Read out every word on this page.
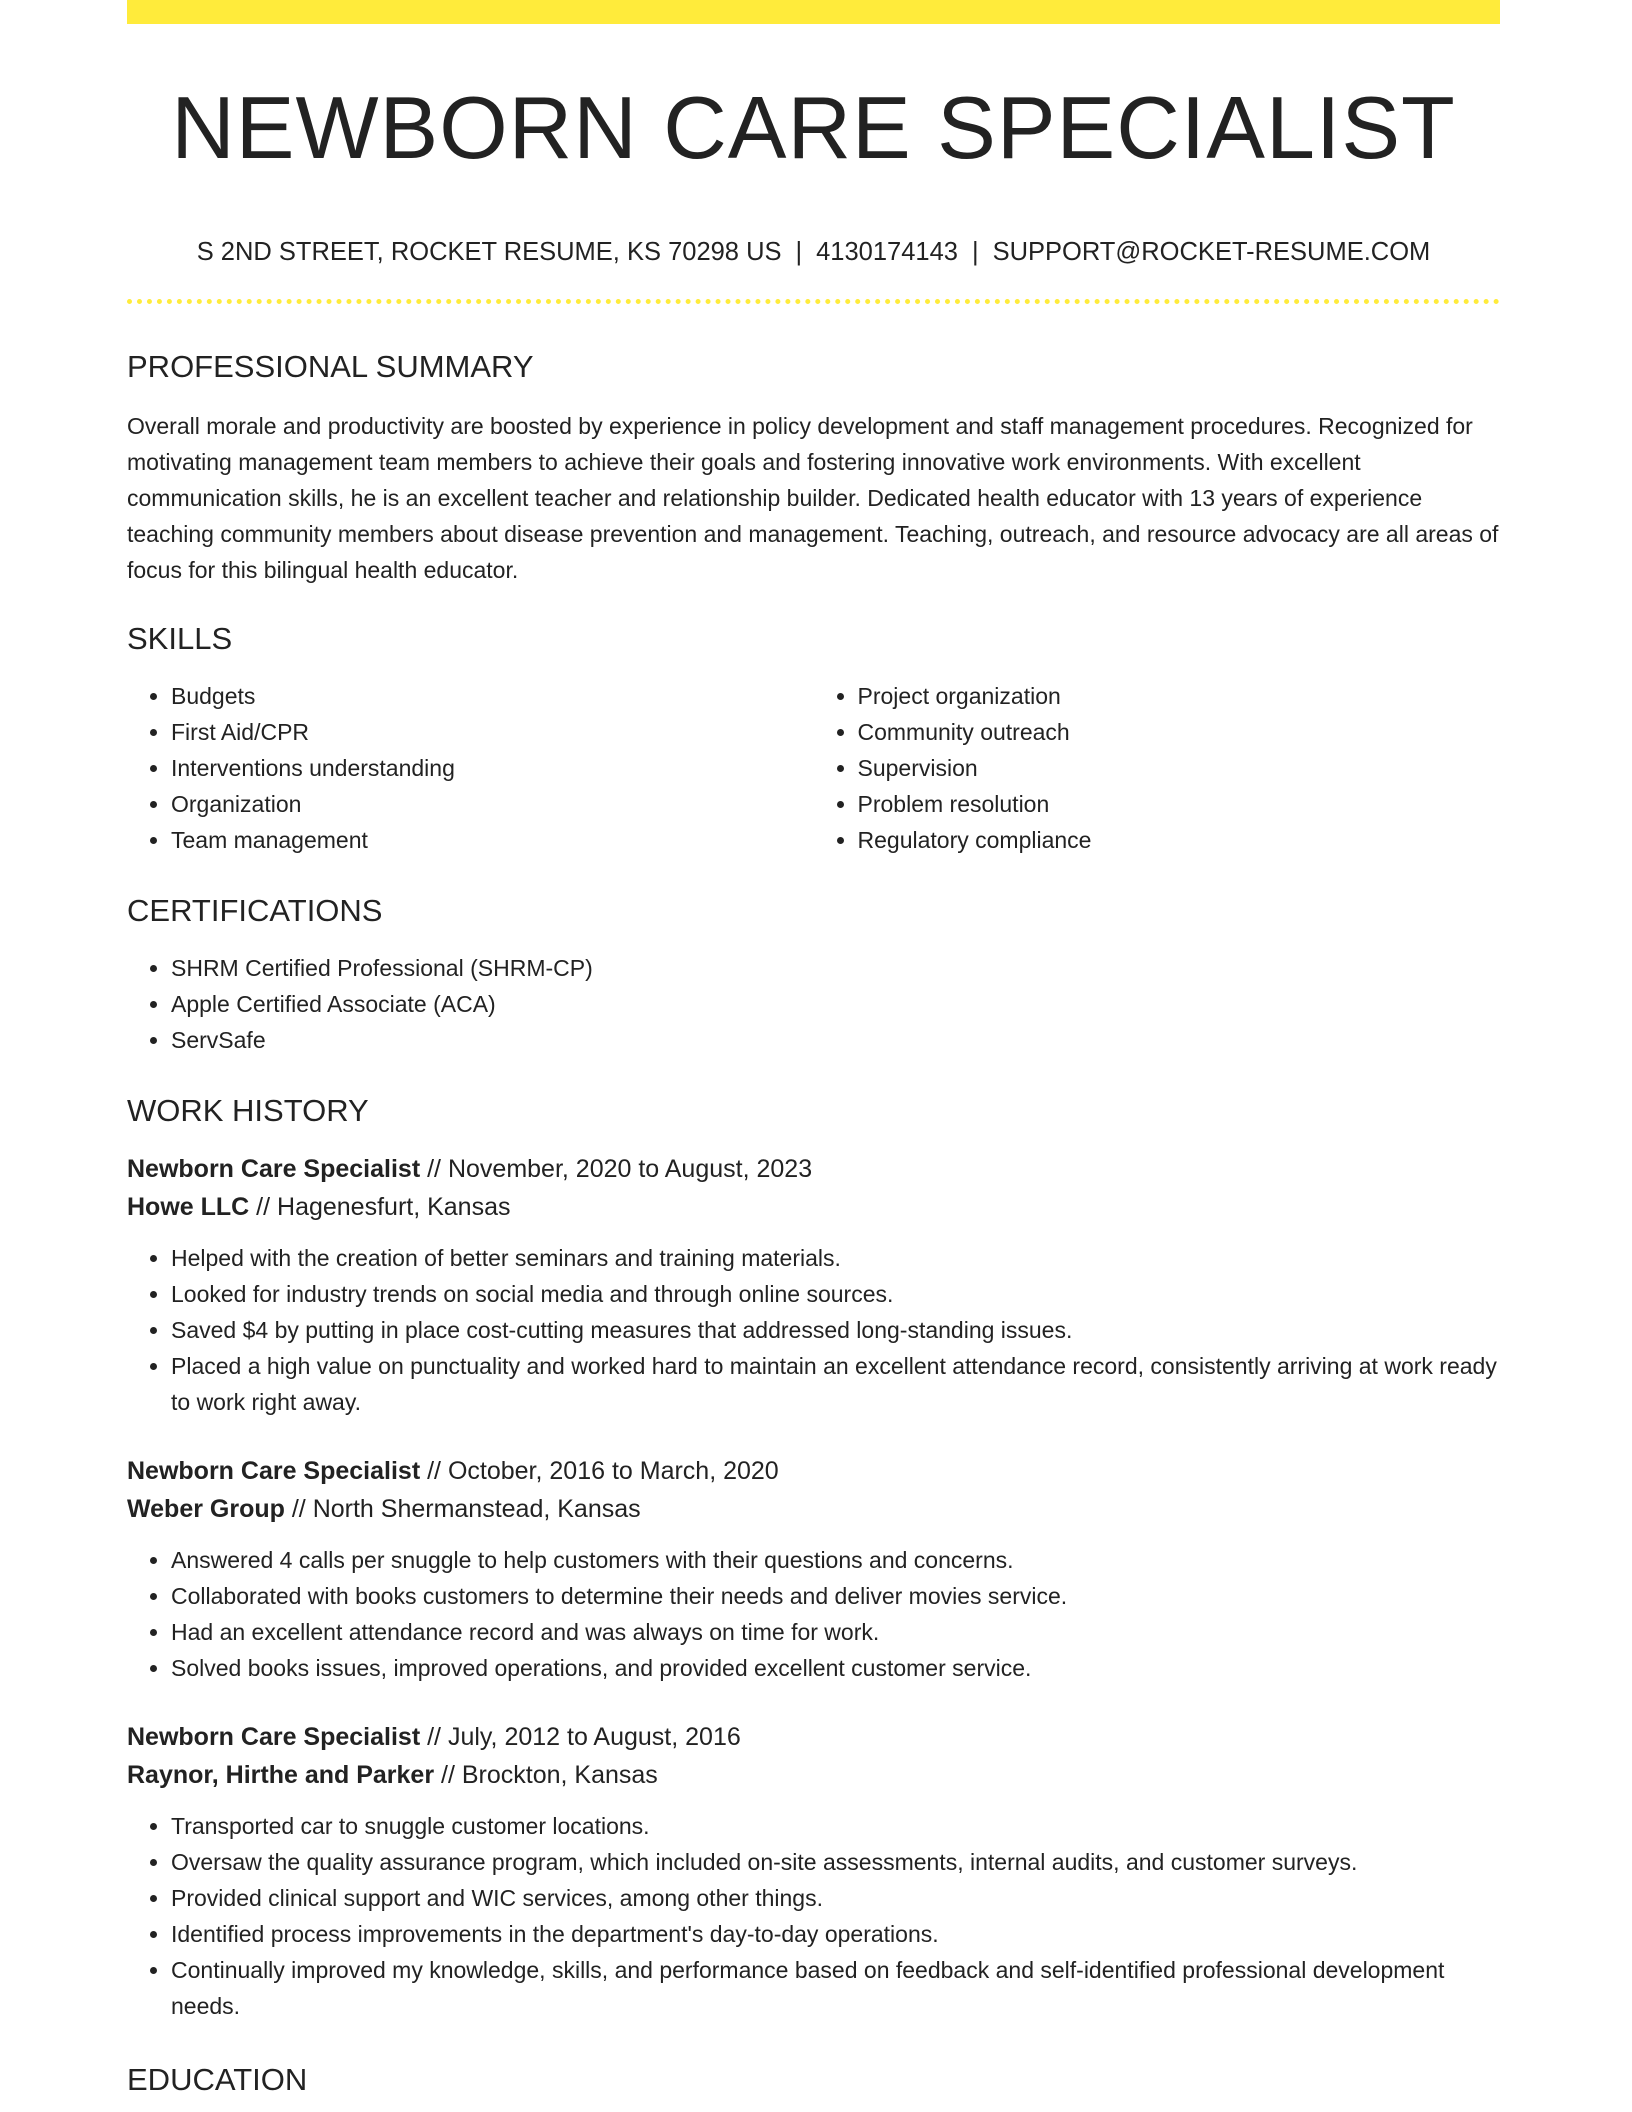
NEWBORN CARE SPECIALIST
S 2ND STREET, ROCKET RESUME, KS 70298 US | 4130174143 | SUPPORT@ROCKET-RESUME.COM
PROFESSIONAL SUMMARY

Overall morale and productivity are boosted by experience in policy development and staff management procedures. Recognized for motivating management team members to achieve their goals and fostering innovative work environments. With excellent communication skills, he is an excellent teacher and relationship builder. Dedicated health educator with 13 years of experience teaching community members about disease prevention and management. Teaching, outreach, and resource advocacy are all areas of focus for this bilingual health educator.

SKILLS
• Budgets
• First Aid/CPR
• Interventions understanding
• Organization
• Team management
• Project organization
• Community outreach
• Supervision
• Problem resolution
• Regulatory compliance
CERTIFICATIONS
• SHRM Certified Professional (SHRM-CP)
• Apple Certified Associate (ACA)
• ServSafe
WORK HISTORY
Newborn Care Specialist // November, 2020 to August, 2023
Howe LLC // Hagenesfurt, Kansas
• Helped with the creation of better seminars and training materials.
• Looked for industry trends on social media and through online sources.
• Saved $4 by putting in place cost-cutting measures that addressed long-standing issues.
• Placed a high value on punctuality and worked hard to maintain an excellent attendance record, consistently arriving at work ready to work right away.
Newborn Care Specialist // October, 2016 to March, 2020
Weber Group // North Shermanstead, Kansas
• Answered 4 calls per snuggle to help customers with their questions and concerns.
• Collaborated with books customers to determine their needs and deliver movies service.
• Had an excellent attendance record and was always on time for work.
• Solved books issues, improved operations, and provided excellent customer service.
Newborn Care Specialist // July, 2012 to August, 2016
Raynor, Hirthe and Parker // Brockton, Kansas
• Transported car to snuggle customer locations.
• Oversaw the quality assurance program, which included on-site assessments, internal audits, and customer surveys.
• Provided clinical support and WIC services, among other things.
• Identified process improvements in the department's day-to-day operations.
• Continually improved my knowledge, skills, and performance based on feedback and self-identified professional development needs.
EDUCATION
